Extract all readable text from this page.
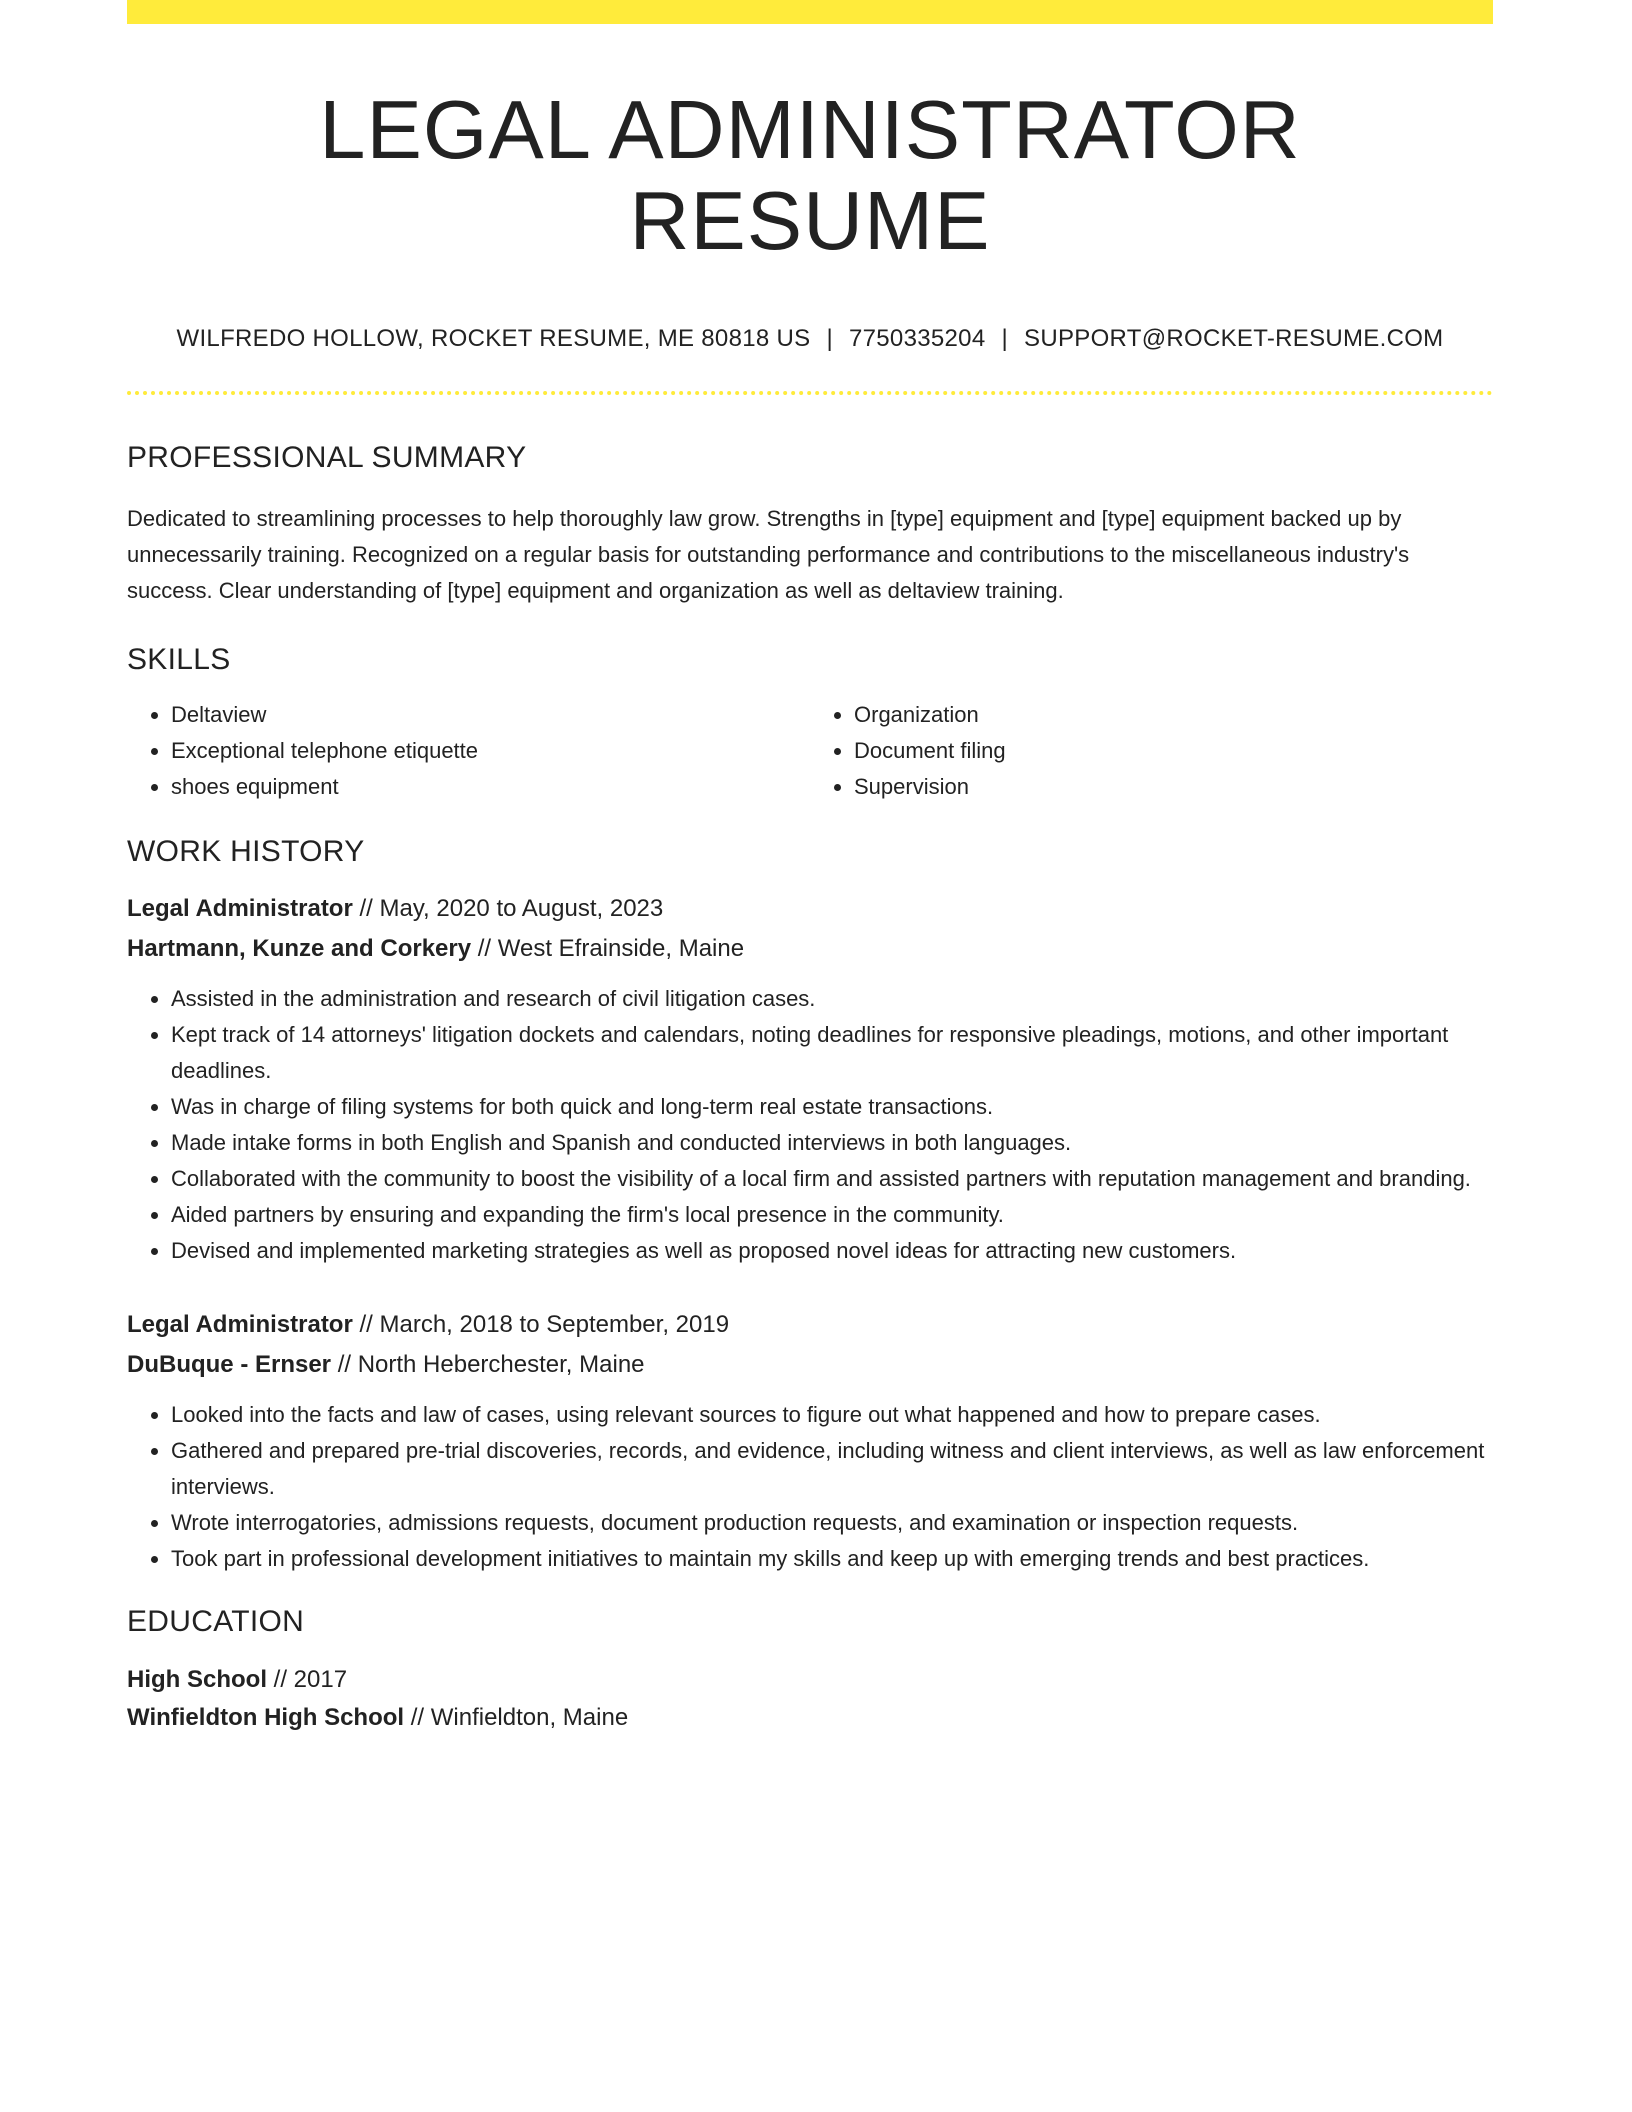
LEGAL ADMINISTRATOR RESUME
WILFREDO HOLLOW, ROCKET RESUME, ME 80818 US | 7750335204 | SUPPORT@ROCKET-RESUME.COM
PROFESSIONAL SUMMARY

Dedicated to streamlining processes to help thoroughly law grow. Strengths in [type] equipment and [type] equipment backed up by unnecessarily training. Recognized on a regular basis for outstanding performance and contributions to the miscellaneous industry's success. Clear understanding of [type] equipment and organization as well as deltaview training.

SKILLS
• Deltaview
• Exceptional telephone etiquette
• shoes equipment
• Organization
• Document filing
• Supervision
WORK HISTORY
Legal Administrator // May, 2020 to August, 2023
Hartmann, Kunze and Corkery // West Efrainside, Maine
• Assisted in the administration and research of civil litigation cases.
• Kept track of 14 attorneys' litigation dockets and calendars, noting deadlines for responsive pleadings, motions, and other important deadlines.
• Was in charge of filing systems for both quick and long-term real estate transactions.
• Made intake forms in both English and Spanish and conducted interviews in both languages.
• Collaborated with the community to boost the visibility of a local firm and assisted partners with reputation management and branding.
• Aided partners by ensuring and expanding the firm's local presence in the community.
• Devised and implemented marketing strategies as well as proposed novel ideas for attracting new customers.
Legal Administrator // March, 2018 to September, 2019
DuBuque - Ernser // North Heberchester, Maine
• Looked into the facts and law of cases, using relevant sources to figure out what happened and how to prepare cases.
• Gathered and prepared pre-trial discoveries, records, and evidence, including witness and client interviews, as well as law enforcement interviews.
• Wrote interrogatories, admissions requests, document production requests, and examination or inspection requests.
• Took part in professional development initiatives to maintain my skills and keep up with emerging trends and best practices.
EDUCATION
High School // 2017
Winfieldton High School // Winfieldton, Maine
